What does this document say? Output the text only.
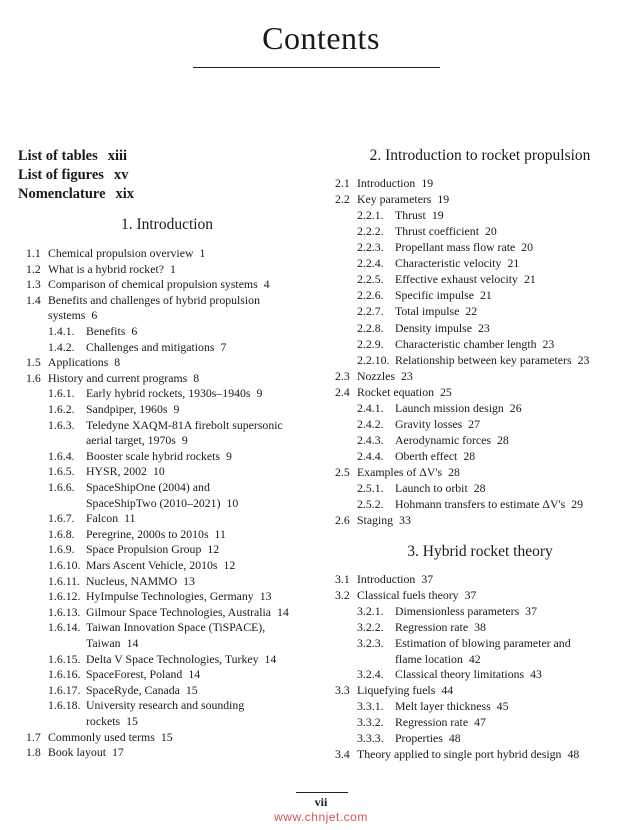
Contents
List of tables xiii
List of figures xv
Nomenclature xix
1. Introduction
1.1 Chemical propulsion overview 1
1.2 What is a hybrid rocket? 1
1.3 Comparison of chemical propulsion systems 4
1.4 Benefits and challenges of hybrid propulsion
systems 6
1.4.1. Benefits 6
1.4.2. Challenges and mitigations 7
1.5 Applications 8
1.6 History and current programs 8
1.6.1. Early hybrid rockets, 1930s–1940s 9
1.6.2. Sandpiper, 1960s 9
1.6.3. Teledyne XAQM-81A firebolt supersonic
aerial target, 1970s 9
1.6.4. Booster scale hybrid rockets 9
1.6.5. HYSR, 2002 10
1.6.6. SpaceShipOne (2004) and
SpaceShipTwo (2010–2021) 10
1.6.7. Falcon 11
1.6.8. Peregrine, 2000s to 2010s 11
1.6.9. Space Propulsion Group 12
1.6.10. Mars Ascent Vehicle, 2010s 12
1.6.11. Nucleus, NAMMO 13
1.6.12. HyImpulse Technologies, Germany 13
1.6.13. Gilmour Space Technologies, Australia 14
1.6.14. Taiwan Innovation Space (TiSPACE),
Taiwan 14
1.6.15. Delta V Space Technologies, Turkey 14
1.6.16. SpaceForest, Poland 14
1.6.17. SpaceRyde, Canada 15
1.6.18. University research and sounding
rockets 15
1.7 Commonly used terms 15
1.8 Book layout 17
2. Introduction to rocket propulsion
2.1 Introduction 19
2.2 Key parameters 19
2.2.1. Thrust 19
2.2.2. Thrust coefficient 20
2.2.3. Propellant mass flow rate 20
2.2.4. Characteristic velocity 21
2.2.5. Effective exhaust velocity 21
2.2.6. Specific impulse 21
2.2.7. Total impulse 22
2.2.8. Density impulse 23
2.2.9. Characteristic chamber length 23
2.2.10. Relationship between key parameters 23
2.3 Nozzles 23
2.4 Rocket equation 25
2.4.1. Launch mission design 26
2.4.2. Gravity losses 27
2.4.3. Aerodynamic forces 28
2.4.4. Oberth effect 28
2.5 Examples of ΔV's 28
2.5.1. Launch to orbit 28
2.5.2. Hohmann transfers to estimate ΔV's 29
2.6 Staging 33
3. Hybrid rocket theory
3.1 Introduction 37
3.2 Classical fuels theory 37
3.2.1. Dimensionless parameters 37
3.2.2. Regression rate 38
3.2.3. Estimation of blowing parameter and
flame location 42
3.2.4. Classical theory limitations 43
3.3 Liquefying fuels 44
3.3.1. Melt layer thickness 45
3.3.2. Regression rate 47
3.3.3. Properties 48
3.4 Theory applied to single port hybrid design 48
vii
www.chnjet.com
